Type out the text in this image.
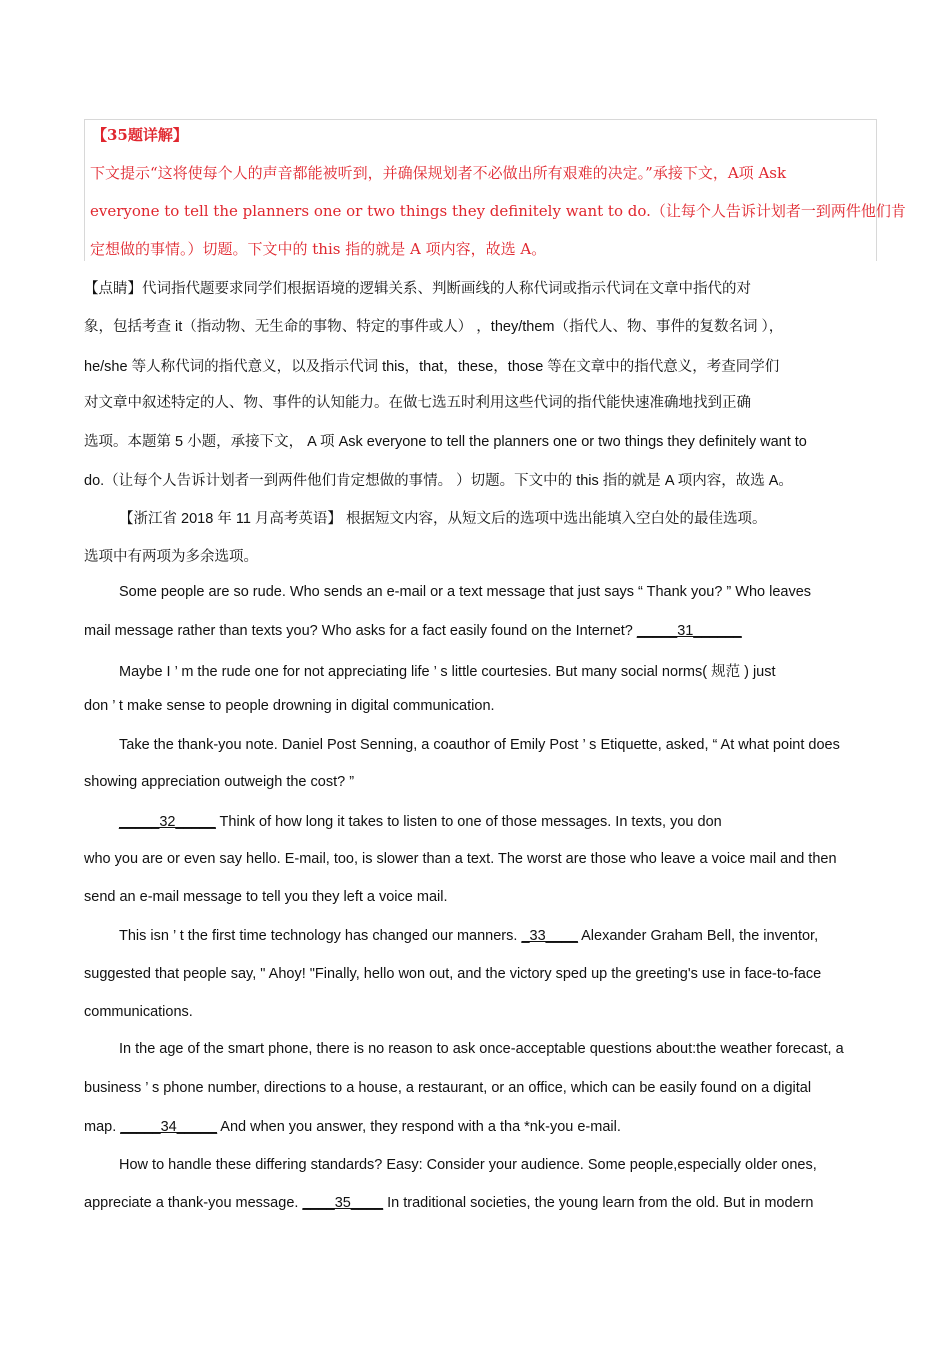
【35题详解】
下文提示“这将使每个人的声音都能被听到，并确保规划者不必做出所有艰难的决定。”承接下文，A项 Ask
everyone to tell the planners one or two things they definitely want to do.（让每个人告诉计划者一到两件他们肯
定想做的事情。）切题。下文中的 this 指的就是 A 项内容，故选 A。
【点睛】代词指代题要求同学们根据语境的逻辑关系、判断画线的人称代词或指示代词在文章中指代的对
象，包括考查 it（指动物、无生命的事物、特定的事件或人） ，they/them（指代人、物、事件的复数名词 ），
he/she 等人称代词的指代意义，以及指示代词 this，that，these，those 等在文章中的指代意义，考查同学们
对文章中叙述特定的人、物、事件的认知能力。在做七选五时利用这些代词的指代能快速准确地找到正确
选项。本题第 5 小题，承接下文， A 项 Ask everyone to tell the planners one or two things they definitely want to
do.（让每个人告诉计划者一到两件他们肯定想做的事情。 ）切题。下文中的 this 指的就是 A 项内容，故选 A。
【浙江省 2018 年 11 月高考英语】 根据短文内容，从短文后的选项中选出能填入空白处的最佳选项。
选项中有两项为多余选项。
Some people are so rude. Who sends an e-mail or a text message that just says “ Thank you? ” Who leaves
mail message rather than texts you? Who asks for a fact easily found on the Internet? _____31______
Maybe I ’ m the rude one for not appreciating life ’ s little courtesies. But many social norms( 规范 ) just
don ’ t make sense to people drowning in digital communication.
Take the thank-you note. Daniel Post Senning, a coauthor of Emily Post ’ s Etiquette, asked, “ At what point does
showing appreciation outweigh the cost? ”
_____32_____ Think of how long it takes to listen to one of those messages. In texts, you don
who you are or even say hello. E-mail, too, is slower than a text. The worst are those who leave a voice mail and then
send an e-mail message to tell you they left a voice mail.
This isn ’ t the first time technology has changed our manners. _33____ Alexander Graham Bell, the inventor,
suggested that people say, " Ahoy! "Finally, hello won out, and the victory sped up the greeting's use in face-to-face
communications.
In the age of the smart phone, there is no reason to ask once-acceptable questions about:the weather forecast, a
business ’ s phone number, directions to a house, a restaurant, or an office, which can be easily found on a digital
map. _____34_____ And when you answer, they respond with a tha *nk-you e-mail.
How to handle these differing standards? Easy: Consider your audience. Some people,especially older ones,
appreciate a thank-you message. ____35____ In traditional societies, the young learn from the old. But in modern
